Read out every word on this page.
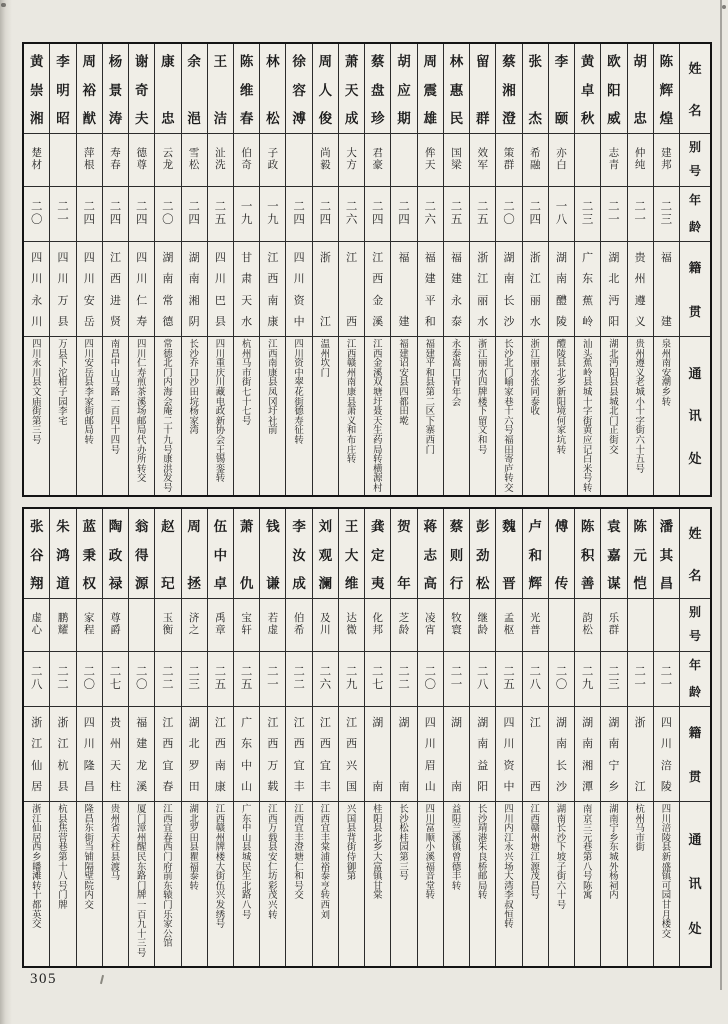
姓
名
别
号
年
龄
籍
贯
通
讯
处
陈
辉
煌
建
邦
二
三
福
建
泉
州
南
安
潮
乡
转
胡
忠
仲
纯
二
一
贵
州
遵
义
贵
州
遵
义
老
城
小
十
字
街
六
十
五
号
欧
阳
威
志
青
二
一
湖
北
沔
阳
湖
北
沔
阳
县
县
城
北
门
正
街
交
黄
卓
秋
二
三
广
东
蕉
岭
汕
头
蕉
岭
县
城
十
字
街
黄
应
记
白
米
号
转
李
颐
亦
白
一
八
湖
南
醴
陵
醴
陵
县
北
乡
新
阳
境
何
家
坑
转
张
杰
希
融
二
四
浙
江
丽
水
浙
江
丽
水
张
同
泰
收
蔡
湘
澄
策
群
二
〇
湖
南
长
沙
长
沙
北
门
喻
家
巷
十
六
号
福
田
寄
庐
转
交
留
群
效
军
二
五
浙
江
丽
水
浙
江
丽
水
四
牌
楼
下
留
文
和
号
林
惠
民
国
梁
二
五
福
建
永
泰
永
泰
嵩
口
青
年
会
周
震
雄
侔
天
二
六
福
建
平
和
福
建
平
和
县
第
二
区
下
寨
西
门
胡
应
期
二
四
福
建
福
建
诏
安
县
四
都
田
墘
蔡
盘
珍
君
豪
二
四
江
西
金
溪
江
西
金
溪
双
塘
圩
聂
天
生
药
局
转
横
源
村
萧
天
成
大
方
二
六
江
西
江
西
赣
州
南
康
县
萧
义
和
布
庄
转
周
人
俊
尚
毅
二
四
浙
江
温
州
坎
门
徐
容
溥
二
四
四
川
资
中
四
川
资
中
翠
花
街
德
寿
征
转
林
松
子
政
一
九
江
西
南
康
江
西
南
康
县
凤
冈
圩
社
前
陈
维
春
伯
奇
一
九
甘
肃
天
水
杭
州
马
市
街
七
十
七
号
王
洁
沚
洗
二
五
四
川
巴
县
四
川
重
庆
川
藏
电
政
新
协
会
王
锡
銮
转
余
浥
雪
松
二
四
湖
南
湘
阴
长
沙
乔
口
沙
田
垸
杨
家
湾
康
忠
云
龙
二
〇
湖
南
常
德
常
德
北
门
内
海
会
庵
二
十
九
号
康
洪
发
号
谢
奇
夫
德
尊
二
四
四
川
仁
寿
四
川
仁
寿
煎
茶
溪
场
邮
局
代
办
所
转
交
杨
景
涛
寿
春
二
四
江
西
进
贤
南
昌
中
山
马
路
一
百
四
十
四
号
周
裕
猷
萍
根
二
四
四
川
安
岳
四
川
安
岳
县
李
家
街
邮
局
转
李
明
昭
二
一
四
川
万
县
万
县
下
沱
柑
子
园
李
宅
黄
崇
湘
楚
材
二
〇
四
川
永
川
四
川
永
川
县
文
庙
街
第
三
号
姓
名
别
号
年
龄
籍
贯
通
讯
处
潘
其
昌
二
一
四
川
涪
陵
四
川
涪
陵
县
新
盛
镇
可
园
甘
月
楼
交
陈
元
恺
二
一
浙
江
杭
州
马
市
街
袁
嘉
谋
乐
群
二
三
湖
南
宁
乡
湖
南
宁
乡
东
城
外
杨
祠
内
陈
积
善
韵
松
二
九
湖
南
湘
潭
南
京
三
元
巷
第
八
号
陈
寓
傅
传
二
〇
湖
南
长
沙
湖
南
长
沙
下
坡
子
街
六
十
号
卢
和
辉
光
普
二
八
江
西
江
西
赣
州
塘
江
源
茂
昌
号
魏
晋
孟
枢
二
五
四
川
资
中
四
川
内
江
永
兴
场
大
湾
李
叔
恒
转
彭
劲
松
继
龄
二
八
湖
南
益
阳
长
沙
靖
港
朱
良
桥
邮
局
转
蔡
则
行
牧
寰
二
一
湖
南
益
阳
兰
溪
镇
曾
德
丰
转
蒋
志
高
凌
宵
二
〇
四
川
眉
山
四
川
富
顺
小
溪
福
音
堂
转
贺
年
芝
龄
二
二
湖
南
长
沙
松
桂
园
第
三
号
龚
定
夷
化
邦
二
七
湖
南
桂
阳
县
北
乡
大
富
镇
甘
棠
王
大
维
达
微
二
九
江
西
兴
国
兴
国
县
背
街
侍
御
第
刘
观
澜
及
川
二
六
江
西
宜
丰
江
西
宜
丰
棠
浦
裕
泰
亨
转
西
刘
李
汝
成
伯
希
二
二
江
西
宜
丰
江
西
宜
丰
澄
塘
仁
和
号
交
钱
谦
若
虚
二
一
江
西
万
载
江
西
万
载
县
安
仁
坊
彩
茂
兴
转
萧
仇
宝
轩
二
五
广
东
中
山
广
东
中
山
县
城
民
生
北
路
八
号
伍
中
卓
禹
章
二
五
江
西
南
康
江
西
赣
州
牌
楼
大
街
伍
兴
发
绣
号
周
拯
济
之
二
三
湖
北
罗
田
湖
北
罗
田
县
瞿
福
泰
转
赵
玘
玉
衡
二
二
江
西
宜
春
江
西
宜
春
西
门
府
前
东
辕
门
乐
家
公
馆
翁
得
源
二
〇
福
建
龙
溪
厦
门
漳
州
醒
民
东
路
门
牌
一
百
九
十
三
号
陶
政
禄
尊
爵
二
七
贵
州
天
柱
贵
州
省
天
柱
县
渡
马
蓝
秉
权
家
程
二
〇
四
川
隆
昌
隆
昌
东
街
当
铺
隔
壁
院
内
交
朱
鸿
道
鹏
耀
二
二
浙
江
杭
县
杭
县
焦
营
巷
第
十
八
号
门
牌
张
谷
翔
虚
心
二
八
浙
江
仙
居
浙
江
仙
居
西
乡
皤
滩
转
十
都
英
交
305
